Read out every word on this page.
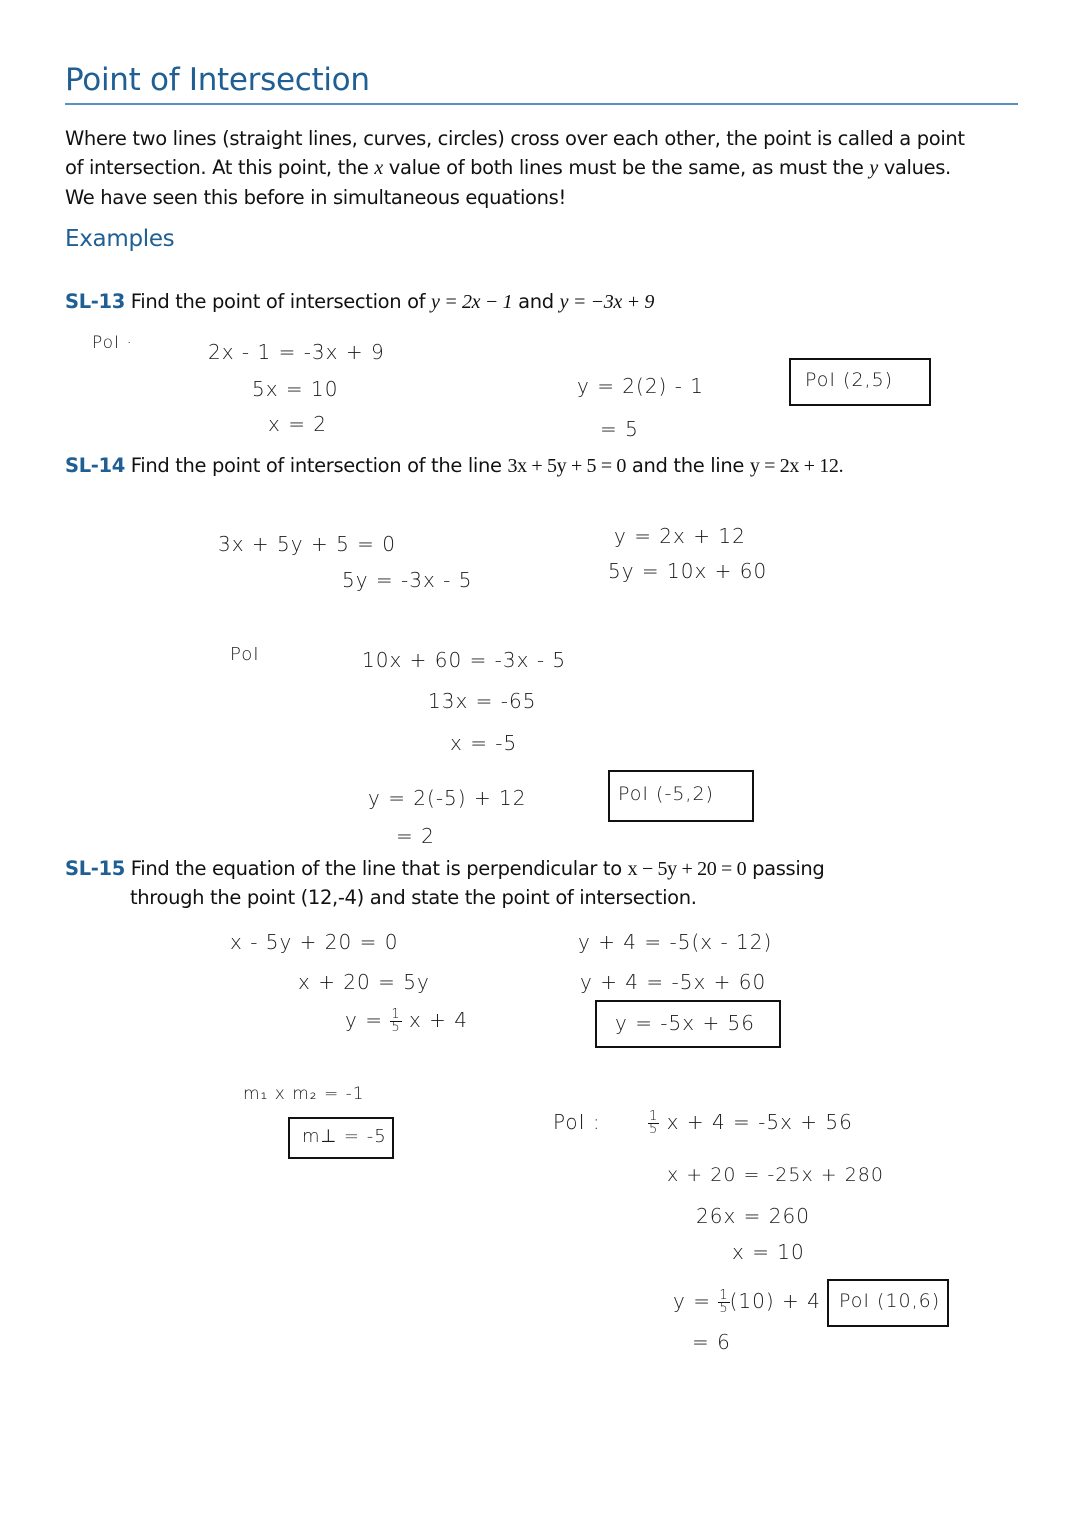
Point of Intersection

Where two lines (straight lines, curves, circles) cross over each other, the point is called a point

of intersection. At this point, the x value of both lines must be the same, as must the y values.

We have seen this before in simultaneous equations!

Examples
SL-13 Find the point of intersection of y = 2x − 1 and y = −3x + 9
PoI ·	2x - 1 = -3x + 9
5x = 10
x = 2
y = 2(2) - 1
= 5
PoI (2,5)
SL-14 Find the point of intersection of the line 3x + 5y + 5 = 0 and the line y = 2x + 12.
3x + 5y + 5 = 0
5y = -3x - 5
y = 2x + 12
5y = 10x + 60
PoI	10x + 60 = -3x - 5
13x = -65
x = -5
y = 2(-5) + 12
= 2
PoI (-5,2)
SL-15 Find the equation of the line that is perpendicular to x − 5y + 20 = 0 passing
through the point (12,-4) and state the point of intersection.
x - 5y + 20 = 0
x + 20 = 5y
$y = \frac{1}{5}$ x + 4
y + 4 = -5(x - 12)
y + 4 = -5x + 60
y = -5x + 56
m₁ x m₂ = -1
m⊥ = -5
PoI :	$\frac{1}{5}$ x + 4 = -5x + 56
x + 20 = -25x + 280
26x = 260
x = 10
$y = \frac{1}{5} (10) + 4$
= 6
PoI (10,6)
